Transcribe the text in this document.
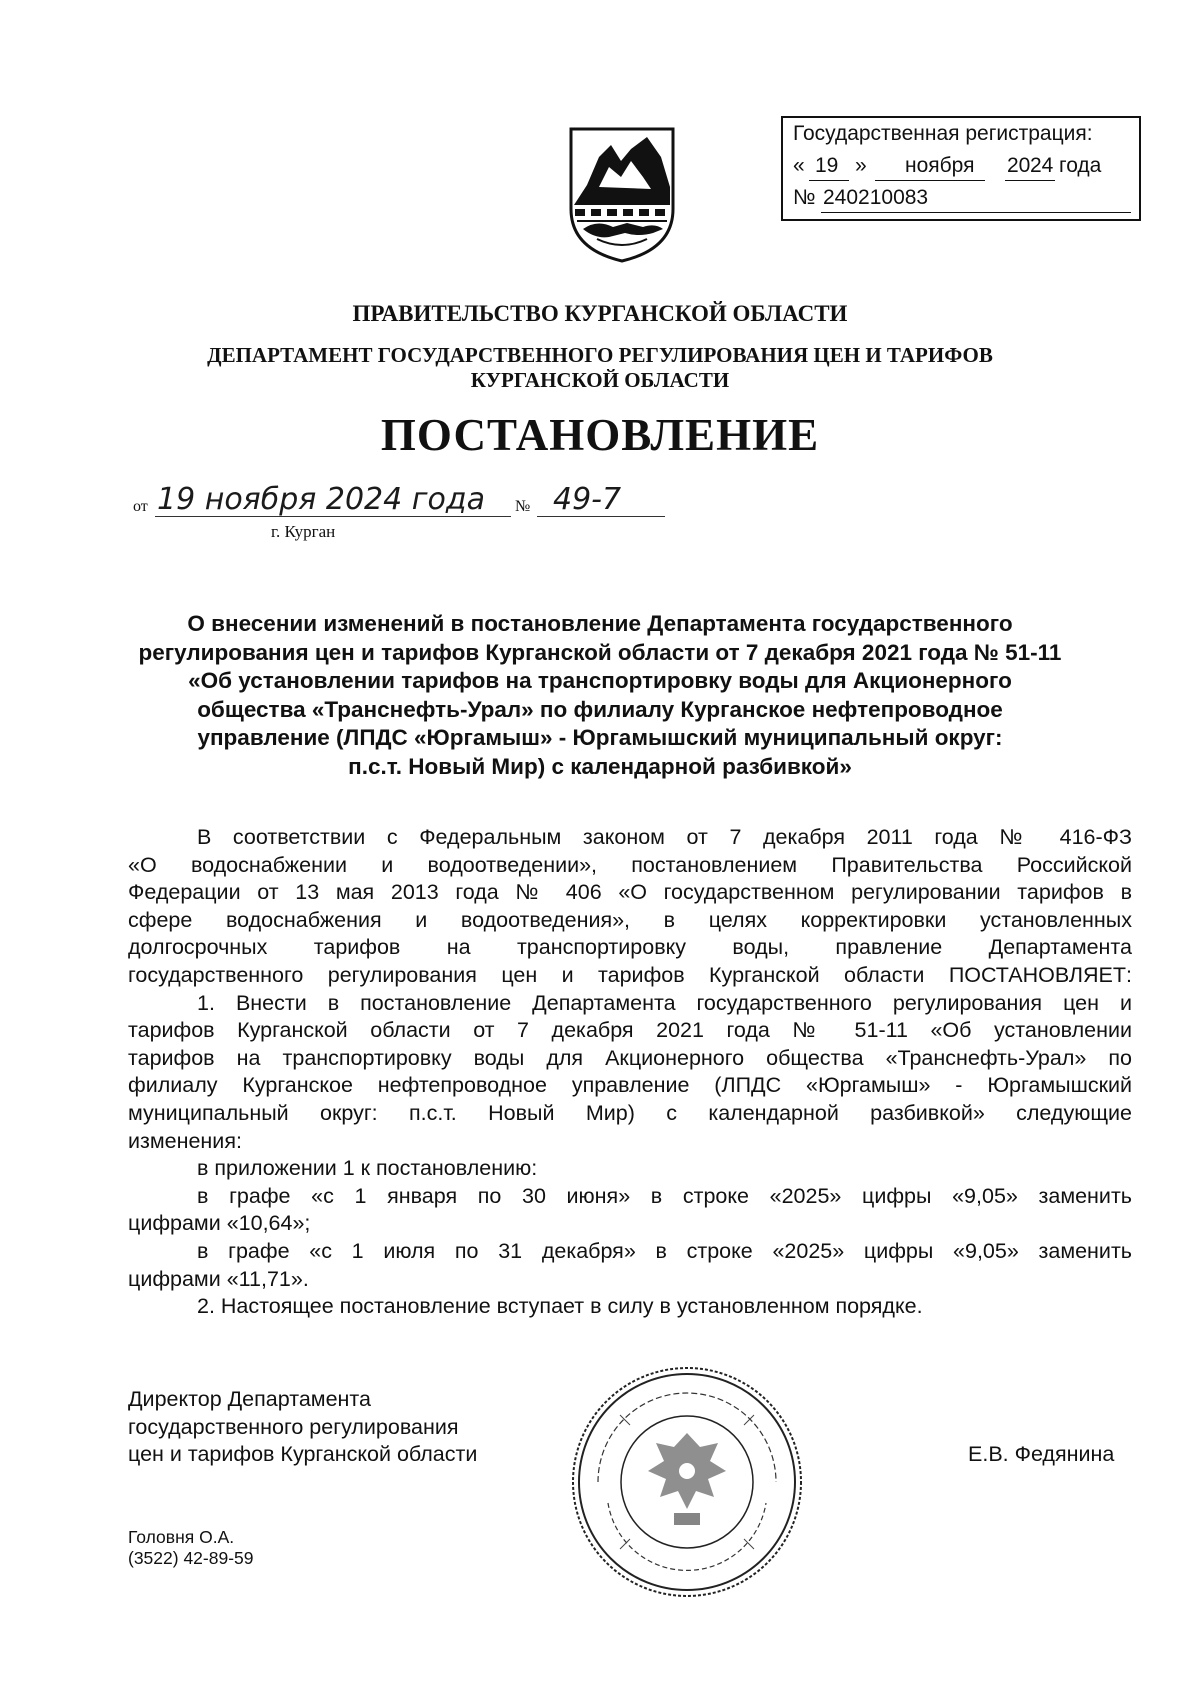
Государственная регистрация:
« 19 » ноября 20 24 года
№ 240210083
ПРАВИТЕЛЬСТВО КУРГАНСКОЙ ОБЛАСТИ
ДЕПАРТАМЕНТ ГОСУДАРСТВЕННОГО РЕГУЛИРОВАНИЯ ЦЕН И ТАРИФОВ
КУРГАНСКОЙ ОБЛАСТИ
ПОСТАНОВЛЕНИЕ
от 19 ноября 2024 года № 49-7
г. Курган
О внесении изменений в постановление Департамента государственного
регулирования цен и тарифов Курганской области от 7 декабря 2021 года № 51-11
«Об установлении тарифов на транспортировку воды для Акционерного
общества «Транснефть-Урал» по филиалу Курганское нефтепроводное
управление (ЛПДС «Юргамыш» - Юргамышский муниципальный округ:
п.с.т. Новый Мир) с календарной разбивкой»
В соответствии с Федеральным законом от 7 декабря 2011 года № 416-ФЗ
«О водоснабжении и водоотведении», постановлением Правительства Российской
Федерации от 13 мая 2013 года № 406 «О государственном регулировании тарифов в
сфере водоснабжения и водоотведения», в целях корректировки установленных
долгосрочных тарифов на транспортировку воды, правление Департамента
государственного регулирования цен и тарифов Курганской области ПОСТАНОВЛЯЕТ:
1. Внести в постановление Департамента государственного регулирования цен и
тарифов Курганской области от 7 декабря 2021 года № 51-11 «Об установлении
тарифов на транспортировку воды для Акционерного общества «Транснефть-Урал» по
филиалу Курганское нефтепроводное управление (ЛПДС «Юргамыш» - Юргамышский
муниципальный округ: п.с.т. Новый Мир) с календарной разбивкой» следующие
изменения:
в приложении 1 к постановлению:
в графе «с 1 января по 30 июня» в строке «2025» цифры «9,05» заменить
цифрами «10,64»;
в графе «с 1 июля по 31 декабря» в строке «2025» цифры «9,05» заменить
цифрами «11,71».
2. Настоящее постановление вступает в силу в установленном порядке.
Директор Департамента
государственного регулирования
цен и тарифов Курганской области	Е.В. Федянина
Головня О.А.
(3522) 42-89-59
